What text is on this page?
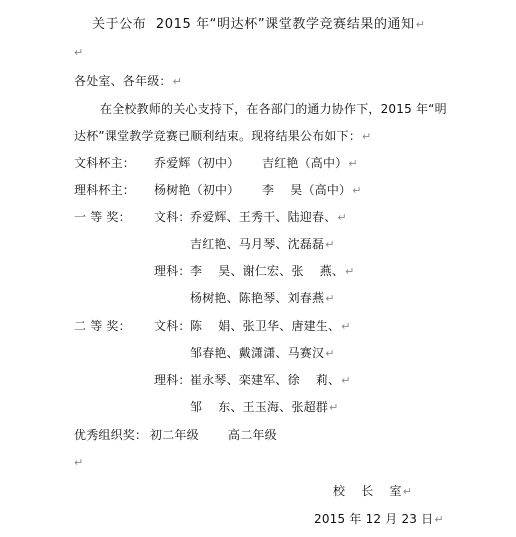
关于公布  2015 年“明达杯”课堂教学竞赛结果的通知↵
↵
各处室、各年级：↵
在全校教师的关心支持下，在各部门的通力协作下，2015 年“明
达杯”课堂教学竞赛已顺利结束。现将结果公布如下：↵
文科杯主： 乔爱辉（初中） 吉红艳（高中）↵
理科杯主： 杨树艳（初中） 李    昊（高中）↵
一 等 奖： 文科： 乔爱辉、王秀干、陆迎春、↵
吉红艳、马月琴、沈磊磊↵
理科： 李    昊、谢仁宏、张    燕、↵
杨树艳、陈艳琴、刘春燕↵
二 等 奖： 文科： 陈    娟、张卫华、唐建生、↵
邹春艳、戴潇潇、马赛汉↵
理科： 崔永琴、栾建军、徐    莉、↵
邹    东、王玉海、张超群↵
优秀组织奖： 初二年级 高二年级
↵
校    长    室↵
2015 年 12 月 23 日↵
